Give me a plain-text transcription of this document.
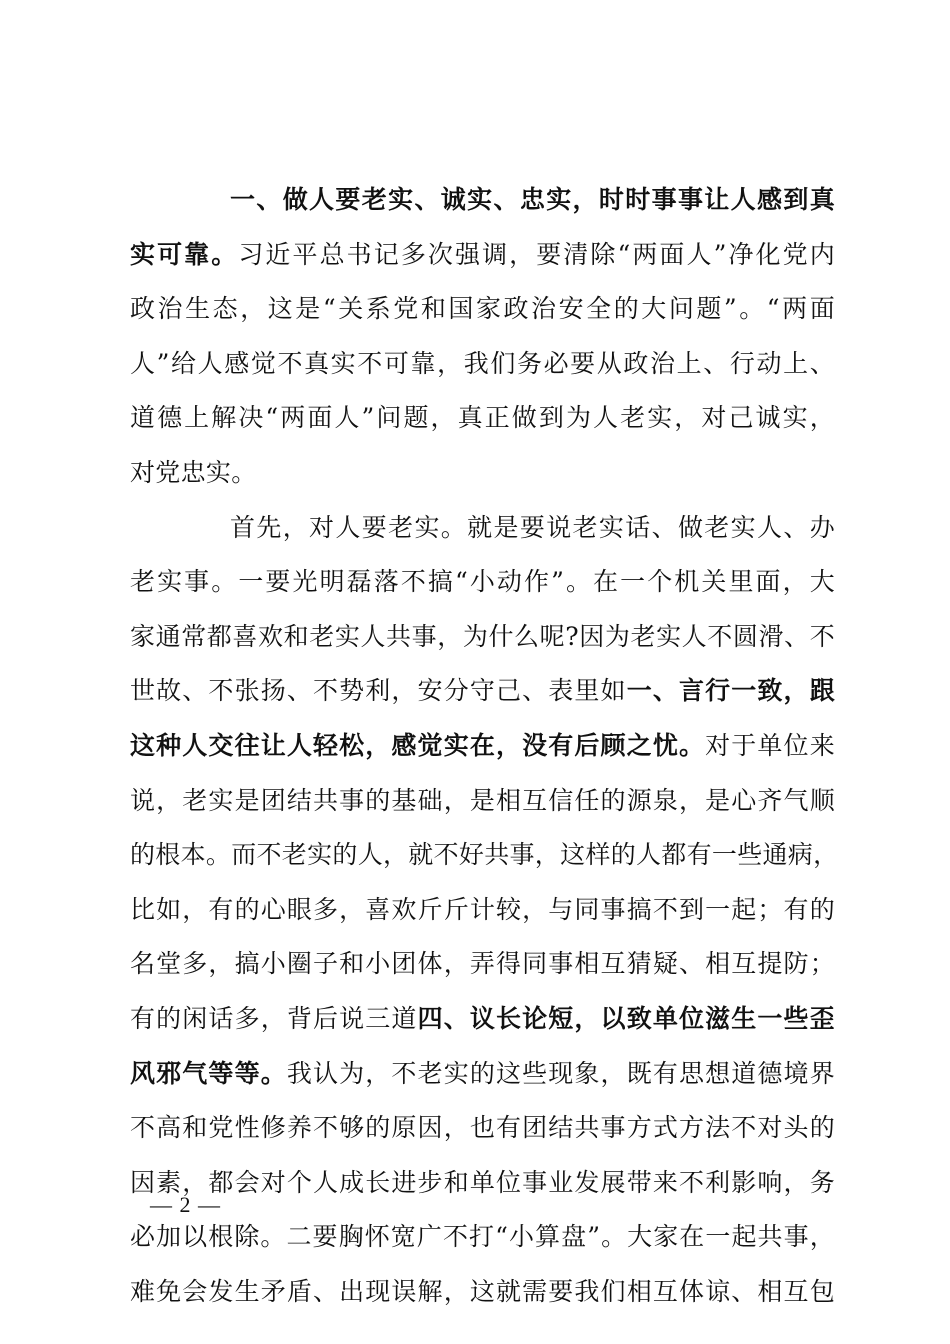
一、做人要老实、诚实、忠实，时时事事让人感到真
实可靠。习近平总书记多次强调，要清除“两面人”净化党内
政治生态，这是“关系党和国家政治安全的大问题”。“两面
人”给人感觉不真实不可靠，我们务必要从政治上、行动上、
道德上解决“两面人”问题，真正做到为人老实，对己诚实，
对党忠实。
首先，对人要老实。就是要说老实话、做老实人、办
老实事。一要光明磊落不搞“小动作”。在一个机关里面，大
家通常都喜欢和老实人共事，为什么呢?因为老实人不圆滑、不
世故、不张扬、不势利，安分守己、表里如一、言行一致，跟
这种人交往让人轻松，感觉实在，没有后顾之忧。对于单位来
说，老实是团结共事的基础，是相互信任的源泉，是心齐气顺
的根本。而不老实的人，就不好共事，这样的人都有一些通病，
比如，有的心眼多，喜欢斤斤计较，与同事搞不到一起；有的
名堂多，搞小圈子和小团体，弄得同事相互猜疑、相互提防；
有的闲话多，背后说三道四、议长论短，以致单位滋生一些歪
风邪气等等。我认为，不老实的这些现象，既有思想道德境界
不高和党性修养不够的原因，也有团结共事方式方法不对头的
因素，都会对个人成长进步和单位事业发展带来不利影响，务
必加以根除。二要胸怀宽广不打“小算盘”。大家在一起共事，
难免会发生矛盾、出现误解，这就需要我们相互体谅、相互包
— 2 —
